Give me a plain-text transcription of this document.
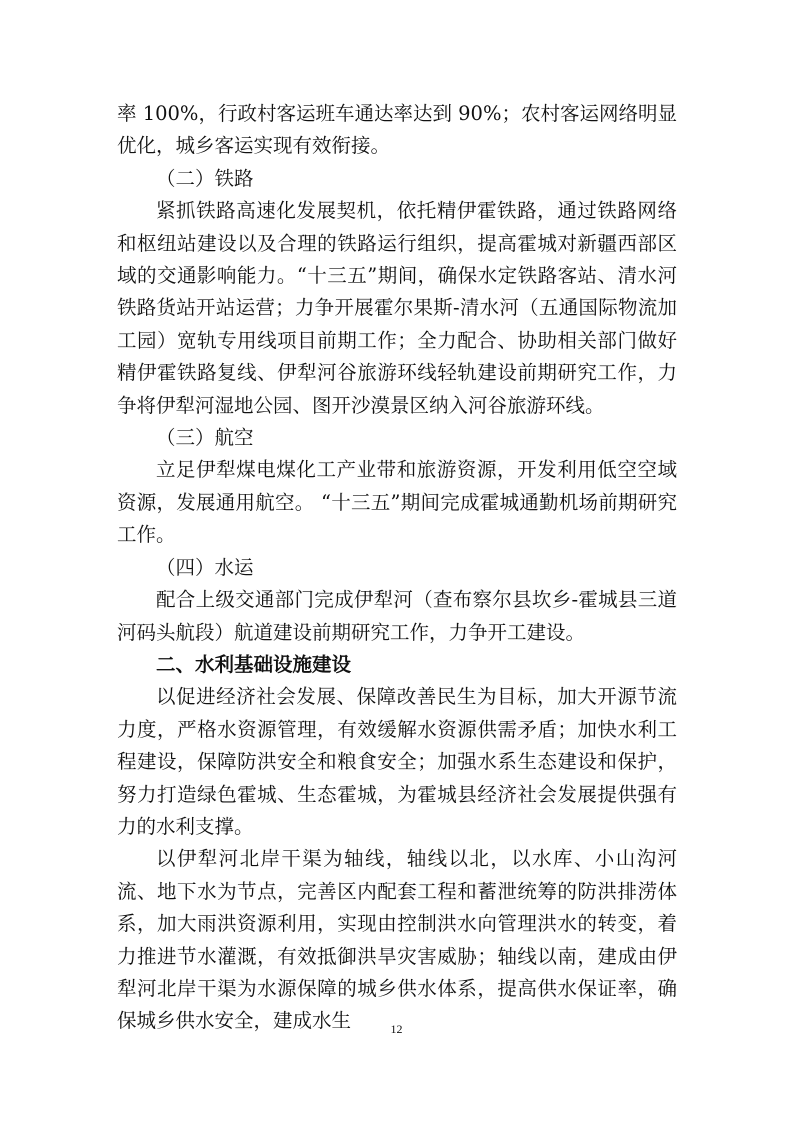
率 100%，行政村客运班车通达率达到 90%；农村客运网络明显优化，城乡客运实现有效衔接。

（二）铁路

紧抓铁路高速化发展契机，依托精伊霍铁路，通过铁路网络和枢纽站建设以及合理的铁路运行组织，提高霍城对新疆西部区域的交通影响能力。“十三五”期间，确保水定铁路客站、清水河铁路货站开站运营；力争开展霍尔果斯-清水河（五通国际物流加工园）宽轨专用线项目前期工作；全力配合、协助相关部门做好精伊霍铁路复线、伊犁河谷旅游环线轻轨建设前期研究工作，力争将伊犁河湿地公园、图开沙漠景区纳入河谷旅游环线。

（三）航空

立足伊犁煤电煤化工产业带和旅游资源，开发利用低空空域资源，发展通用航空。 “十三五”期间完成霍城通勤机场前期研究工作。

（四）水运

配合上级交通部门完成伊犁河（查布察尔县坎乡-霍城县三道河码头航段）航道建设前期研究工作，力争开工建设。

二、水利基础设施建设

以促进经济社会发展、保障改善民生为目标，加大开源节流力度，严格水资源管理，有效缓解水资源供需矛盾；加快水利工程建设，保障防洪安全和粮食安全；加强水系生态建设和保护，努力打造绿色霍城、生态霍城，为霍城县经济社会发展提供强有力的水利支撑。

以伊犁河北岸干渠为轴线，轴线以北，以水库、小山沟河流、地下水为节点，完善区内配套工程和蓄泄统筹的防洪排涝体系，加大雨洪资源利用，实现由控制洪水向管理洪水的转变，着力推进节水灌溉，有效抵御洪旱灾害威胁；轴线以南，建成由伊犁河北岸干渠为水源保障的城乡供水体系，提高供水保证率，确保城乡供水安全，建成水生	12
